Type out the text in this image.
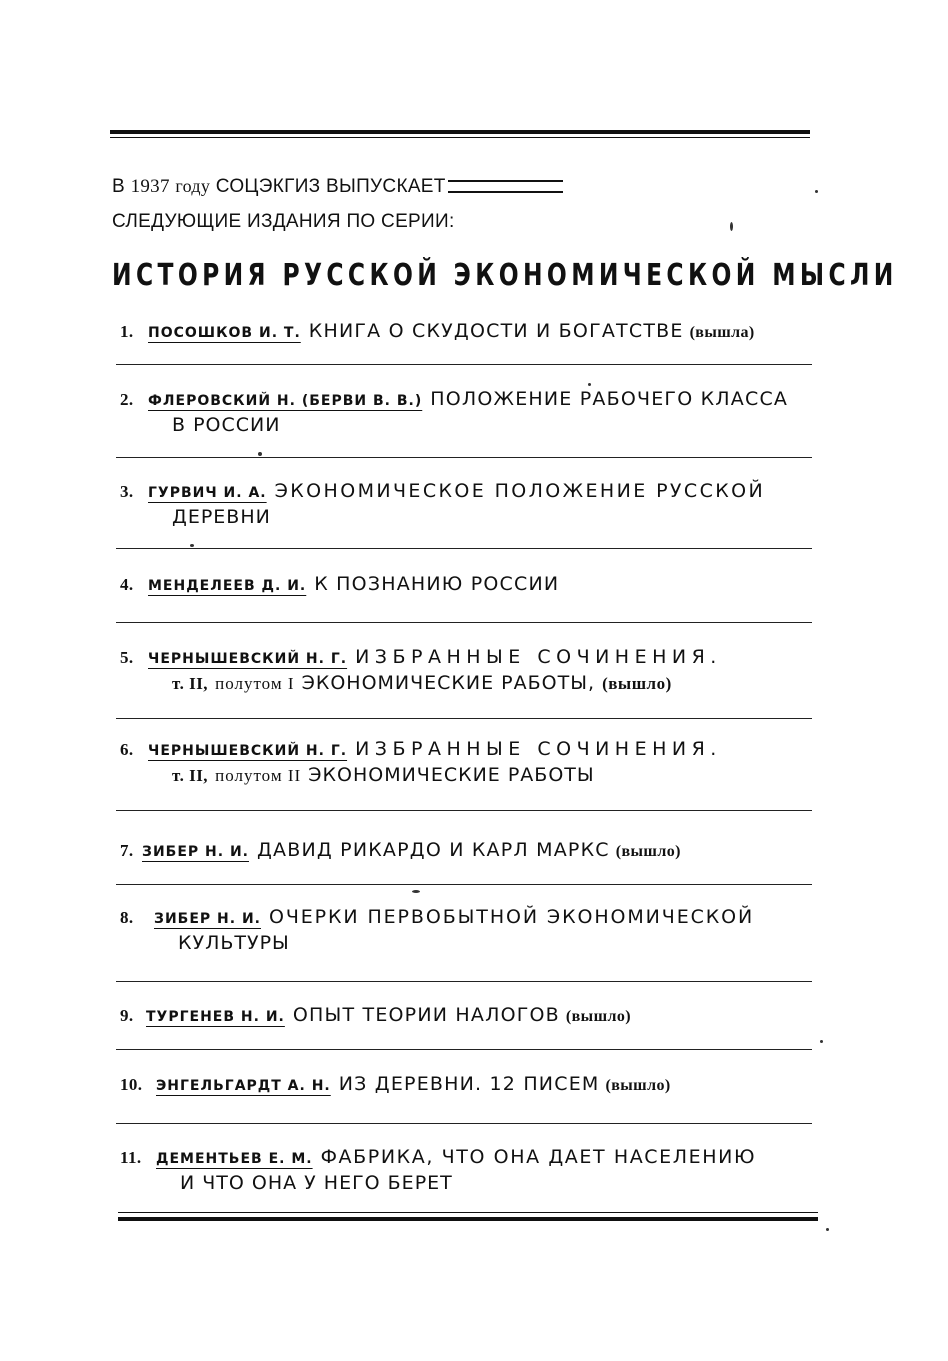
В 1937 году СОЦЭКГИЗ ВЫПУСКАЕТ
СЛЕДУЮЩИЕ ИЗДАНИЯ ПО СЕРИИ:
ИСТОРИЯ РУССКОЙ ЭКОНОМИЧЕСКОЙ МЫСЛИ
1. ПОСОШКОВ И. Т. КНИГА О СКУДОСТИ И БОГАТСТВЕ (вышла)
2. ФЛЕРОВСКИЙ Н. (БЕРВИ В. В.) ПОЛОЖЕНИЕ РАБОЧЕГО КЛАССА
В РОССИИ
3. ГУРВИЧ И. А. ЭКОНОМИЧЕСКОЕ ПОЛОЖЕНИЕ РУССКОЙ
ДЕРЕВНИ
4. МЕНДЕЛЕЕВ Д. И. К ПОЗНАНИЮ РОССИИ
5. ЧЕРНЫШЕВСКИЙ Н. Г. ИЗБРАННЫЕ СОЧИНЕНИЯ.
т. II, полутом I ЭКОНОМИЧЕСКИЕ РАБОТЫ, (вышло)
6. ЧЕРНЫШЕВСКИЙ Н. Г. ИЗБРАННЫЕ СОЧИНЕНИЯ.
т. II, полутом II ЭКОНОМИЧЕСКИЕ РАБОТЫ
7. ЗИБЕР Н. И. ДАВИД РИКАРДО И КАРЛ МАРКС (вышло)
8. ЗИБЕР Н. И. ОЧЕРКИ ПЕРВОБЫТНОЙ ЭКОНОМИЧЕСКОЙ
КУЛЬТУРЫ
9. ТУРГЕНЕВ Н. И. ОПЫТ ТЕОРИИ НАЛОГОВ (вышло)
10. ЭНГЕЛЬГАРДТ А. Н. ИЗ ДЕРЕВНИ. 12 ПИСЕМ (вышло)
11. ДЕМЕНТЬЕВ Е. М. ФАБРИКА, ЧТО ОНА ДАЕТ НАСЕЛЕНИЮ
И ЧТО ОНА У НЕГО БЕРЕТ
